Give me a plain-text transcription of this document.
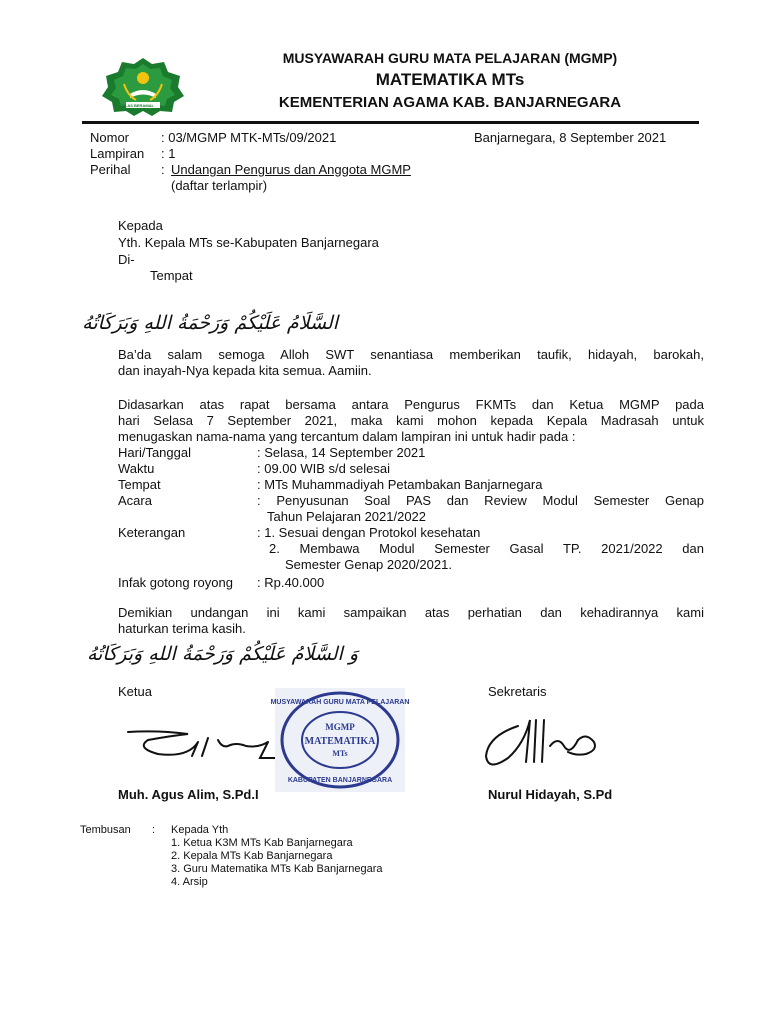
IKHLAS BERAMAL
MUSYAWARAH GURU MATA PELAJARAN (MGMP)
MATEMATIKA MTs
KEMENTERIAN AGAMA KAB. BANJARNEGARA
Nomor : 03/MGMP MTK-MTs/09/2021	Banjarnegara, 8 September 2021
Lampiran : 1
Perihal : Undangan Pengurus dan Anggota MGMP
(daftar terlampir)
Kepada
Yth. Kepala MTs se-Kabupaten Banjarnegara
Di-
Tempat
السَّلَامُ عَلَيْكُمْ وَرَحْمَةُ اللهِ وَبَرَكَاتُهُ
Ba’da salam semoga Alloh SWT senantiasa memberikan taufik, hidayah, barokah,
dan inayah-Nya kepada kita semua. Aamiin.
Didasarkan atas rapat bersama antara Pengurus FKMTs dan Ketua MGMP pada
hari Selasa 7 September 2021, maka kami mohon kepada Kepala Madrasah untuk
menugaskan nama-nama yang tercantum dalam lampiran ini untuk hadir pada :
Hari/Tanggal	: Selasa, 14 September 2021
Waktu	: 09.00 WIB s/d selesai
Tempat	: MTs Muhammadiyah Petambakan Banjarnegara
Acara	: Penyusunan Soal PAS dan Review Modul Semester Genap
Tahun Pelajaran 2021/2022
Keterangan	: 1. Sesuai dengan Protokol kesehatan
2. Membawa Modul Semester Gasal TP. 2021/2022 dan
Semester Genap 2020/2021.
Infak gotong royong : Rp.40.000
Demikian undangan ini kami sampaikan atas perhatian dan kehadirannya kami
haturkan terima kasih.
وَ السَّلَامُ عَلَيْكُمْ وَرَحْمَةُ اللهِ وَبَرَكَاتُهُ
Ketua	Sekretaris
MUSYAWARAH GURU MATA PELAJARAN
MGMP
MATEMATIKA
MTs
KABUPATEN BANJARNEGARA
Muh. Agus Alim, S.Pd.I	Nurul Hidayah, S.Pd
Tembusan : Kepada Yth
1. Ketua K3M MTs Kab Banjarnegara
2. Kepala MTs Kab Banjarnegara
3. Guru Matematika MTs Kab Banjarnegara
4. Arsip
